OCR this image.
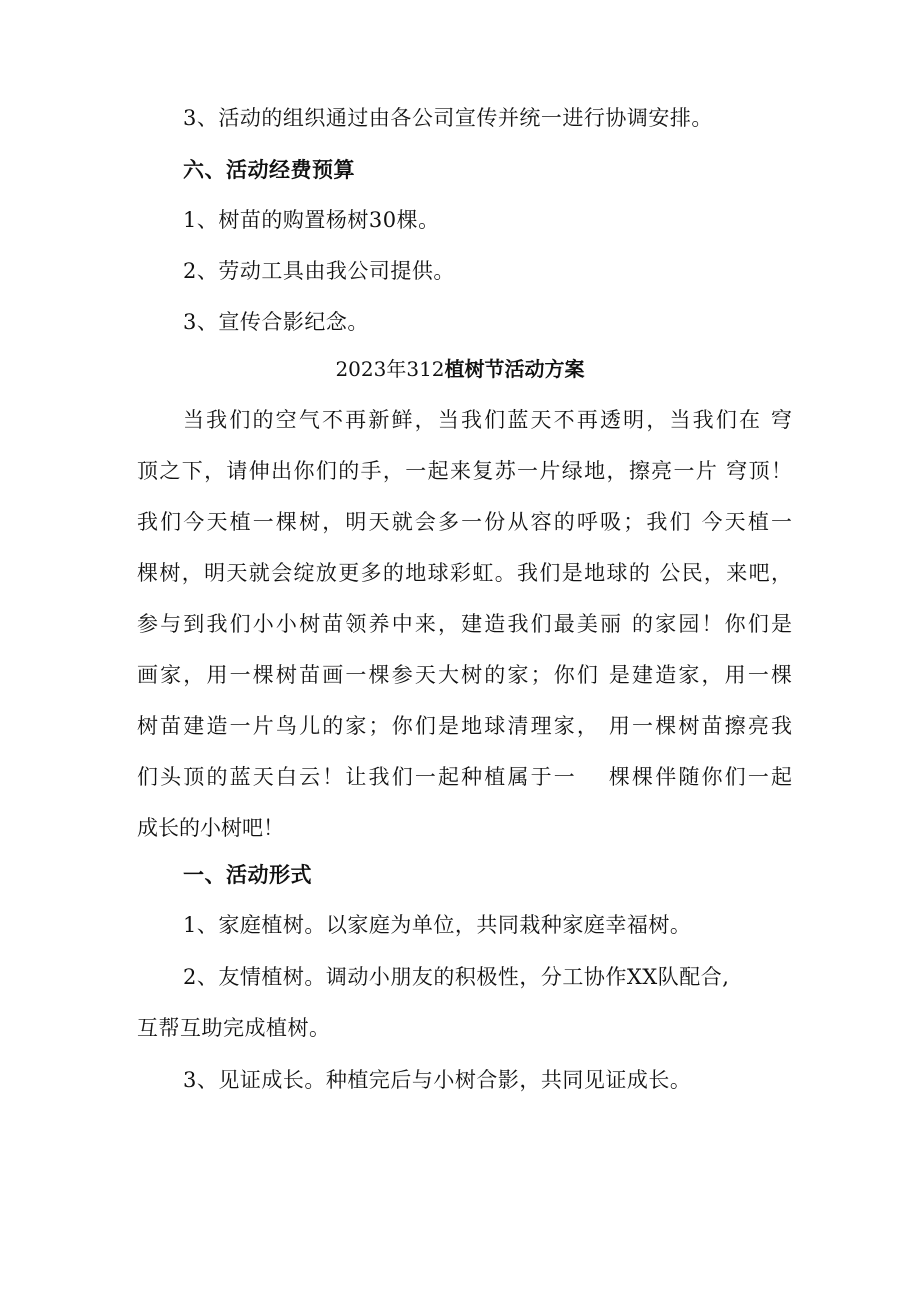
3、活动的组织通过由各公司宣传并统一进行协调安排。
六、活动经费预算
1、树苗的购置杨树30棵。
2、劳动工具由我公司提供。
3、宣传合影纪念。
2023年312植树节活动方案
当我们的空气不再新鲜，当我们蓝天不再透明，当我们在 穹
顶之下，请伸出你们的手，一起来复苏一片绿地，擦亮一片 穹顶！
我们今天植一棵树，明天就会多一份从容的呼吸；我们 今天植一
棵树，明天就会绽放更多的地球彩虹。我们是地球的 公民，来吧，
参与到我们小小树苗领养中来，建造我们最美丽 的家园！你们是
画家，用一棵树苗画一棵参天大树的家；你们 是建造家，用一棵
树苗建造一片鸟儿的家；你们是地球清理家， 用一棵树苗擦亮我
们头顶的蓝天白云！让我们一起种植属于一　 棵棵伴随你们一起
成长的小树吧！
一、活动形式
1、家庭植树。以家庭为单位，共同栽种家庭幸福树。
2、友情植树。调动小朋友的积极性，分工协作XX队配合,
互帮互助完成植树。
3、见证成长。种植完后与小树合影，共同见证成长。
